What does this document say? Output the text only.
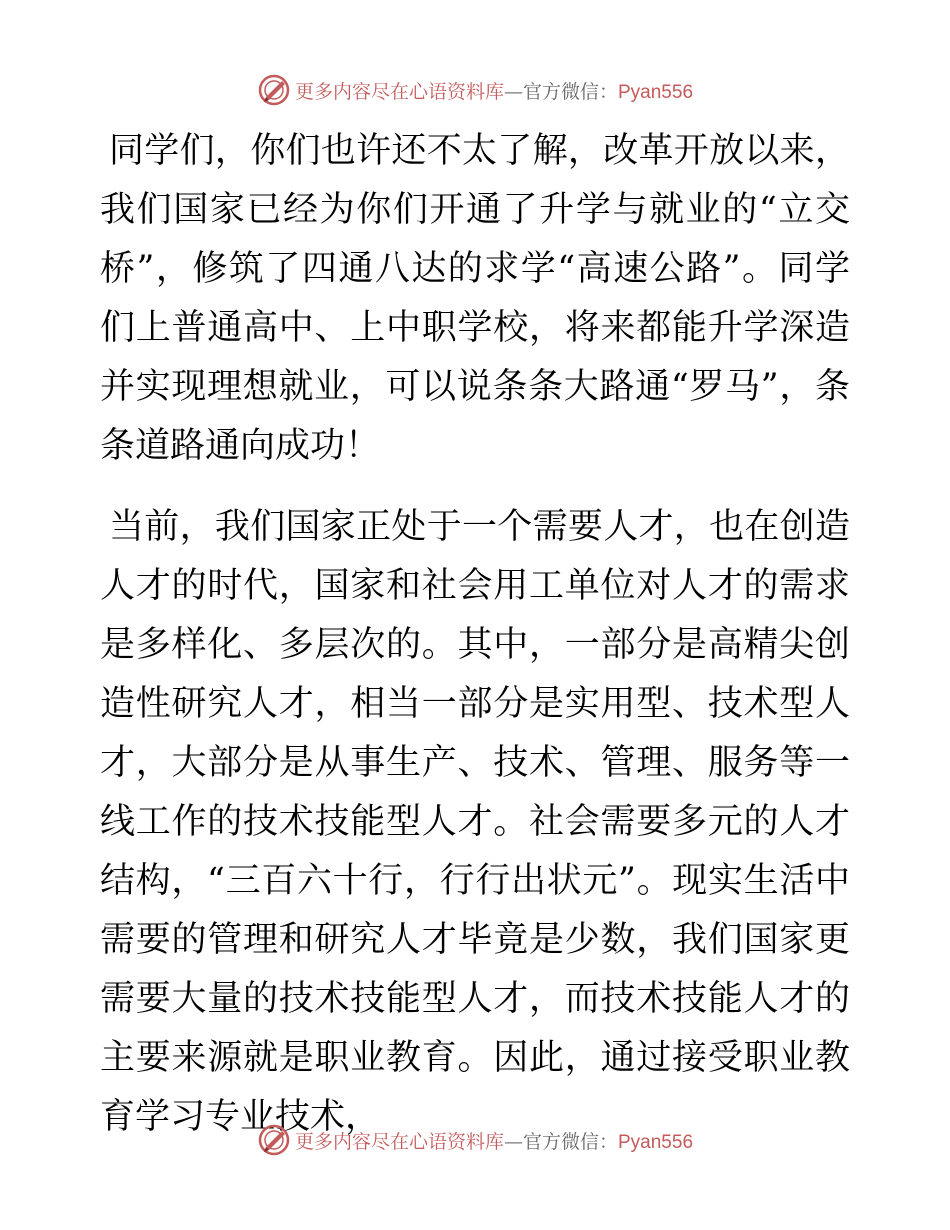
更多内容尽在心语资料库—官方微信：Pyan556

同学们，你们也许还不太了解，改革开放以来，我们国家已经为你们开通了升学与就业的“立交桥”，修筑了四通八达的求学“高速公路”。同学们上普通高中、上中职学校，将来都能升学深造并实现理想就业，可以说条条大路通“罗马”，条条道路通向成功！

当前，我们国家正处于一个需要人才，也在创造人才的时代，国家和社会用工单位对人才的需求是多样化、多层次的。其中，一部分是高精尖创造性研究人才，相当一部分是实用型、技术型人才，大部分是从事生产、技术、管理、服务等一线工作的技术技能型人才。社会需要多元的人才结构，“三百六十行，行行出状元”。现实生活中需要的管理和研究人才毕竟是少数，我们国家更需要大量的技术技能型人才，而技术技能人才的主要来源就是职业教育。因此，通过接受职业教育学习专业技术，

更多内容尽在心语资料库—官方微信：Pyan556
